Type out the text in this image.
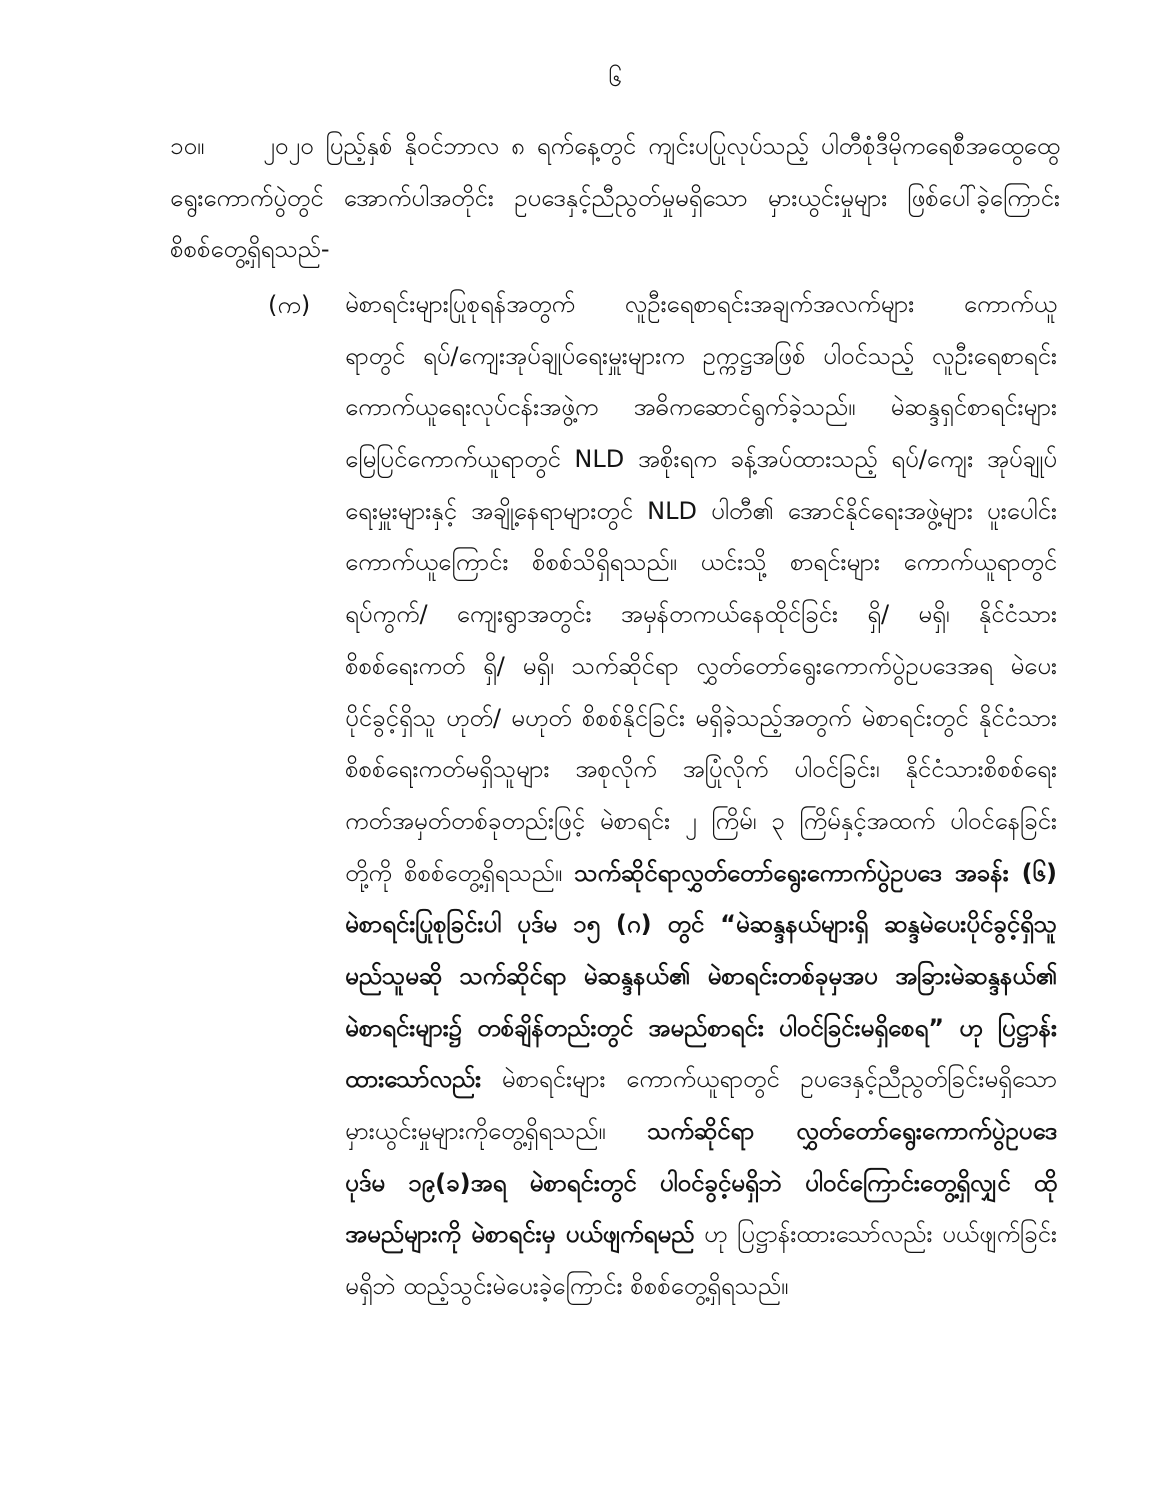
၆
၁၀။ ၂၀၂၀ ပြည့်နှစ် နိုဝင်ဘာလ ၈ ရက်နေ့တွင် ကျင်းပပြုလုပ်သည့် ပါတီစုံဒီမိုကရေစီအထွေထွေ
ရွေးကောက်ပွဲတွင် အောက်ပါအတိုင်း ဥပဒေနှင့်ညီညွတ်မှုမရှိသော မှားယွင်းမှုများ ဖြစ်ပေါ်ခဲ့ကြောင်း
စိစစ်တွေ့ရှိရသည်-
(က) မဲစာရင်းများပြုစုရန်အတွက် လူဦးရေစာရင်းအချက်အလက်များ ကောက်ယူ
ရာတွင် ရပ်/ကျေးအုပ်ချုပ်ရေးမှူးများက ဥက္ကဋ္ဌအဖြစ် ပါဝင်သည့် လူဦးရေစာရင်း
ကောက်ယူရေးလုပ်ငန်းအဖွဲ့က အဓိကဆောင်ရွက်ခဲ့သည်။ မဲဆန္ဒရှင်စာရင်းများ
မြေပြင်ကောက်ယူရာတွင် NLD အစိုးရက ခန့်အပ်ထားသည့် ရပ်/ကျေး အုပ်ချုပ်
ရေးမှူးများနှင့် အချို့နေရာများတွင် NLD ပါတီ၏ အောင်နိုင်ရေးအဖွဲ့များ ပူးပေါင်း
ကောက်ယူကြောင်း စိစစ်သိရှိရသည်။ ယင်းသို့ စာရင်းများ ကောက်ယူရာတွင်
ရပ်ကွက်/ ကျေးရွာအတွင်း အမှန်တကယ်နေထိုင်ခြင်း ရှိ/ မရှိ၊ နိုင်ငံသား
စိစစ်ရေးကတ် ရှိ/ မရှိ၊ သက်ဆိုင်ရာ လွှတ်တော်ရွေးကောက်ပွဲဥပဒေအရ မဲပေး
ပိုင်ခွင့်ရှိသူ ဟုတ်/ မဟုတ် စိစစ်နိုင်ခြင်း မရှိခဲ့သည့်အတွက် မဲစာရင်းတွင် နိုင်ငံသား
စိစစ်ရေးကတ်မရှိသူများ အစုလိုက် အပြုံလိုက် ပါဝင်ခြင်း၊ နိုင်ငံသားစိစစ်ရေး
ကတ်အမှတ်တစ်ခုတည်းဖြင့် မဲစာရင်း ၂ ကြိမ်၊ ၃ ကြိမ်နှင့်အထက် ပါဝင်နေခြင်း
တို့ကို စိစစ်တွေ့ရှိရသည်။ သက်ဆိုင်ရာလွှတ်တော်ရွေးကောက်ပွဲဥပဒေ အခန်း (၆)
မဲစာရင်းပြုစုခြင်းပါ ပုဒ်မ ၁၅ (ဂ) တွင် “မဲဆန္ဒနယ်များရှိ ဆန္ဒမဲပေးပိုင်ခွင့်ရှိသူ
မည်သူမဆို သက်ဆိုင်ရာ မဲဆန္ဒနယ်၏ မဲစာရင်းတစ်ခုမှအပ အခြားမဲဆန္ဒနယ်၏
မဲစာရင်းများ၌ တစ်ချိန်တည်းတွင် အမည်စာရင်း ပါဝင်ခြင်းမရှိစေရ” ဟု ပြဋ္ဌာန်း
ထားသော်လည်း မဲစာရင်းများ ကောက်ယူရာတွင် ဥပဒေနှင့်ညီညွတ်ခြင်းမရှိသော
မှားယွင်းမှုများကိုတွေ့ရှိရသည်။ သက်ဆိုင်ရာ လွှတ်တော်ရွေးကောက်ပွဲဥပဒေ
ပုဒ်မ ၁၉(ခ)အရ မဲစာရင်းတွင် ပါဝင်ခွင့်မရှိဘဲ ပါဝင်ကြောင်းတွေ့ရှိလျှင် ထို
အမည်များကို မဲစာရင်းမှ ပယ်ဖျက်ရမည် ဟု ပြဋ္ဌာန်းထားသော်လည်း ပယ်ဖျက်ခြင်း
မရှိဘဲ ထည့်သွင်းမဲပေးခဲ့ကြောင်း စိစစ်တွေ့ရှိရသည်။
